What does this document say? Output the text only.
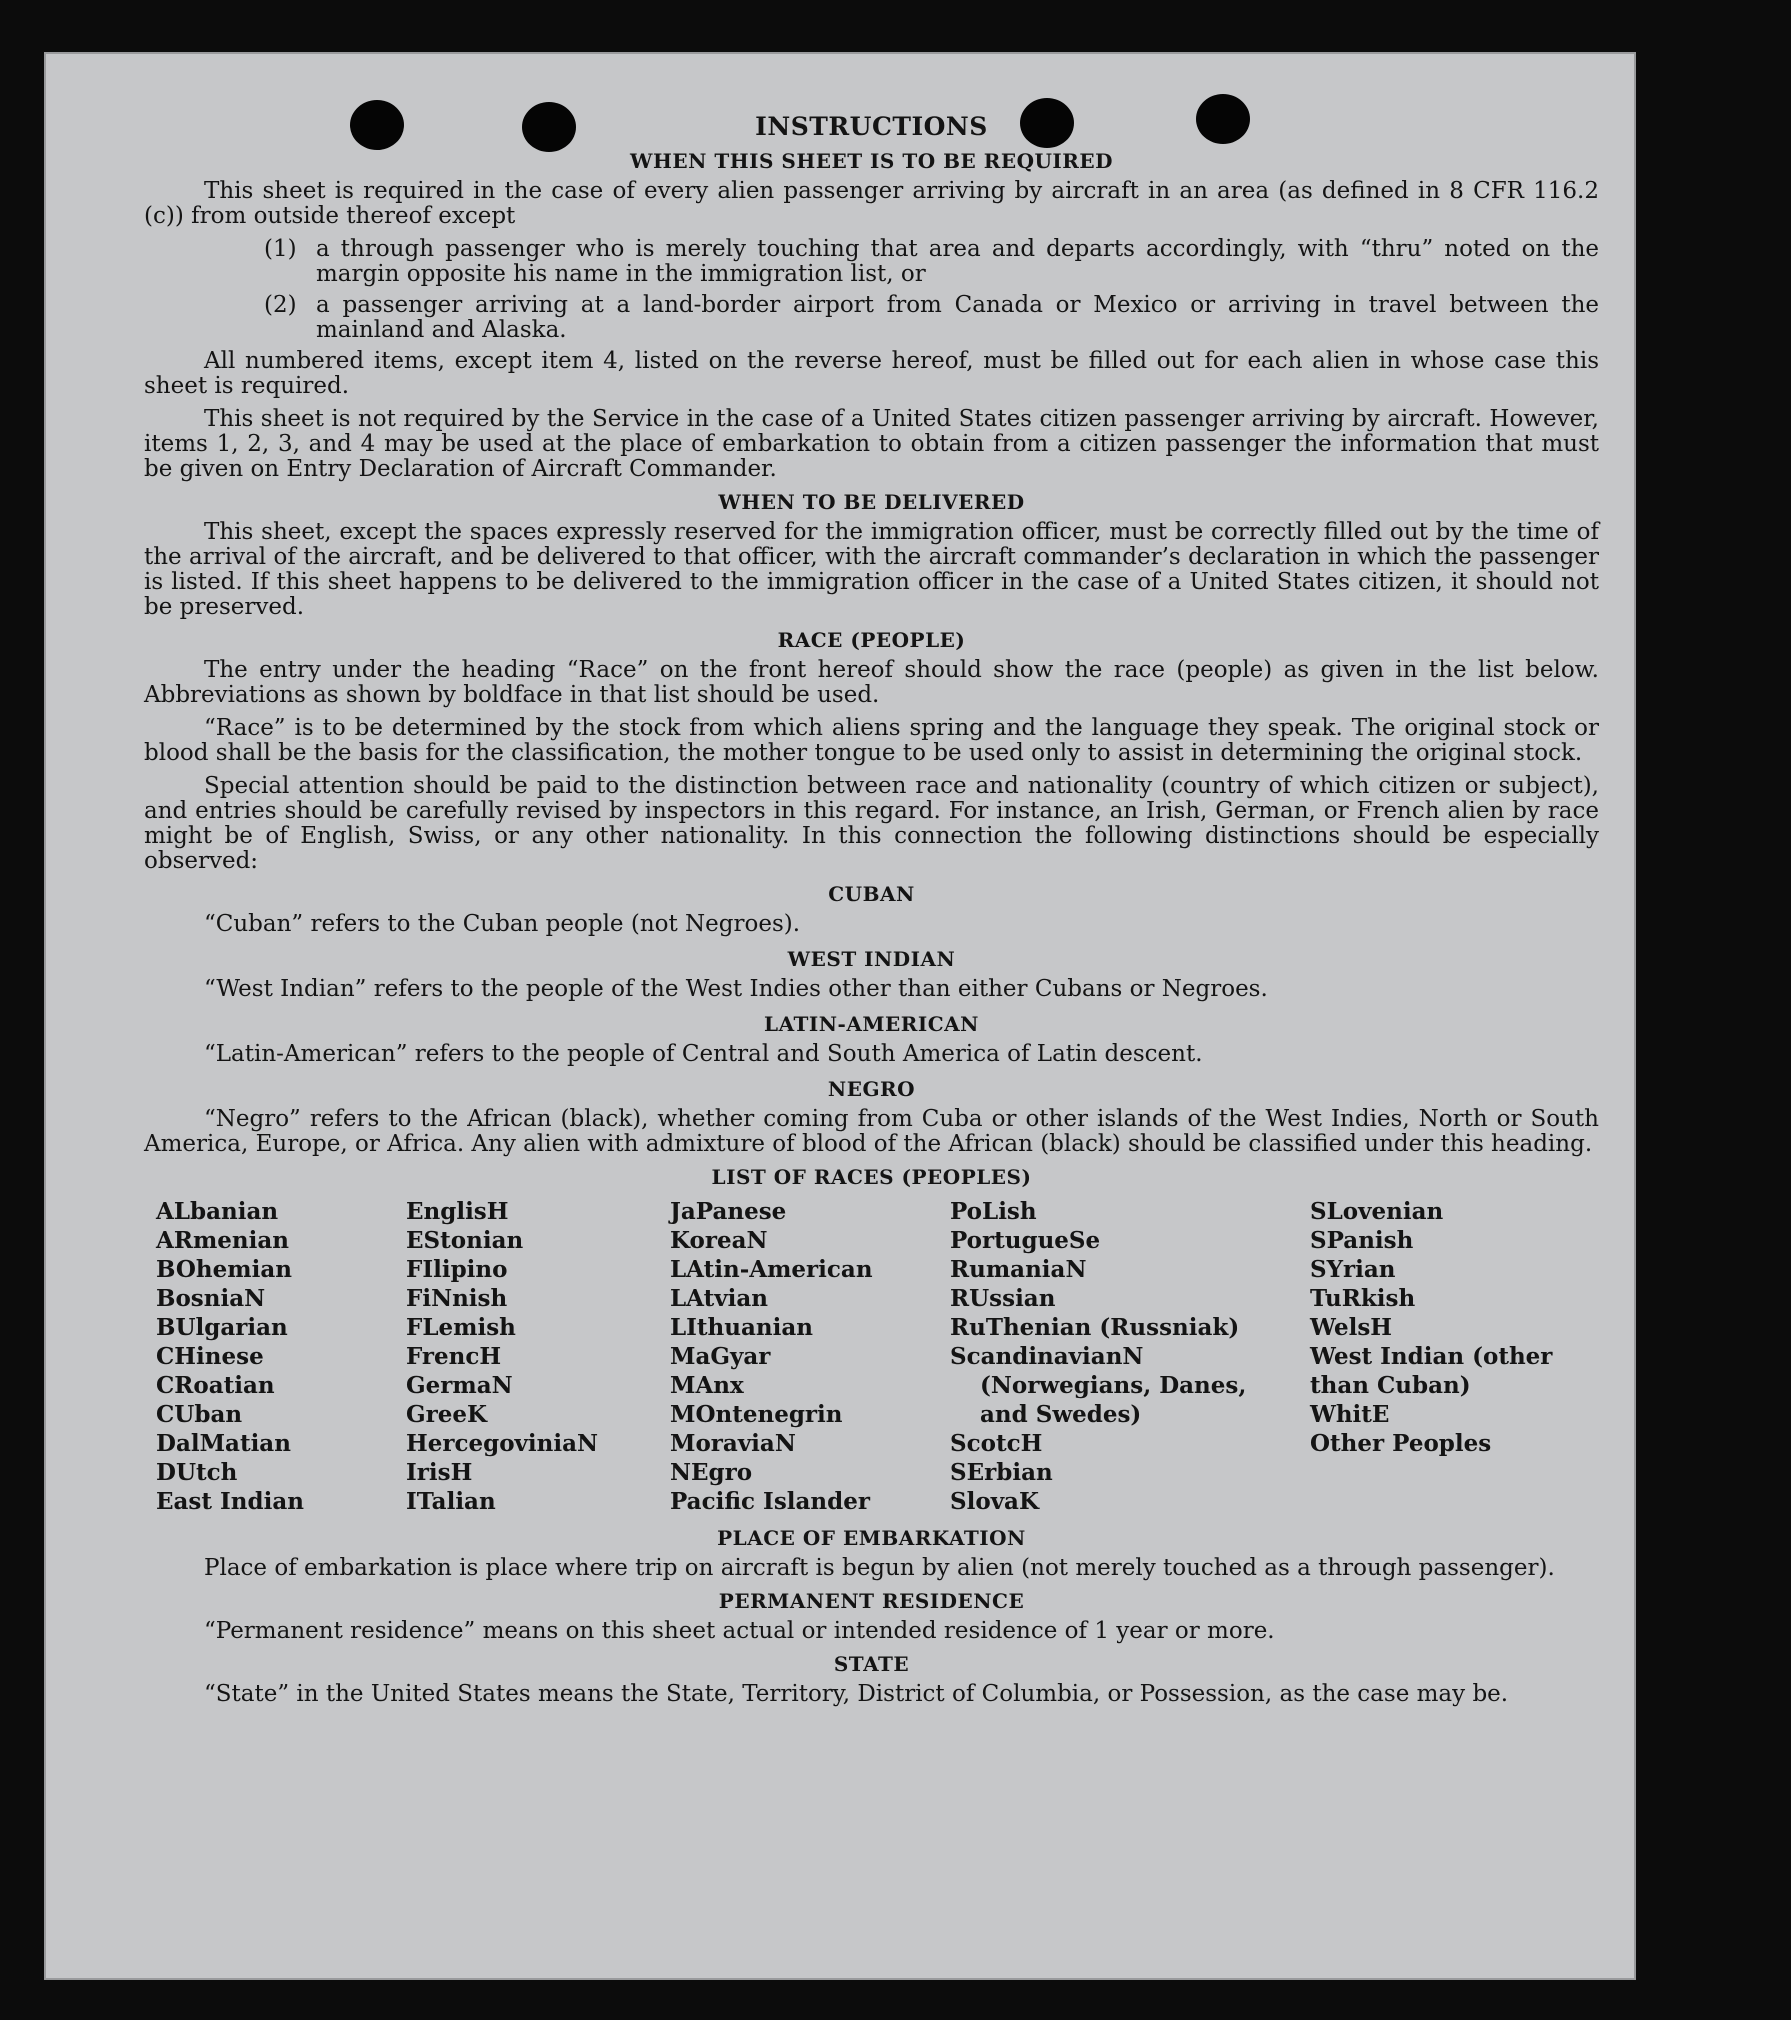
INSTRUCTIONS
WHEN THIS SHEET IS TO BE REQUIRED

This sheet is required in the case of every alien passenger arriving by aircraft in an area (as defined in 8 CFR 116.2 (c)) from outside thereof except

(1) a through passenger who is merely touching that area and departs accordingly, with “thru” noted on the margin opposite his name in the immigration list, or
(2) a passenger arriving at a land-border airport from Canada or Mexico or arriving in travel between the mainland and Alaska.

All numbered items, except item 4, listed on the reverse hereof, must be filled out for each alien in whose case this sheet is required.

This sheet is not required by the Service in the case of a United States citizen passenger arriving by aircraft. However, items 1, 2, 3, and 4 may be used at the place of embarkation to obtain from a citizen passenger the information that must be given on Entry Declaration of Aircraft Commander.

WHEN TO BE DELIVERED

This sheet, except the spaces expressly reserved for the immigration officer, must be correctly filled out by the time of the arrival of the aircraft, and be delivered to that officer, with the aircraft commander’s declaration in which the passenger is listed. If this sheet happens to be delivered to the immigration officer in the case of a United States citizen, it should not be preserved.

RACE (PEOPLE)

The entry under the heading “Race” on the front hereof should show the race (people) as given in the list below. Abbreviations as shown by boldface in that list should be used.

“Race” is to be determined by the stock from which aliens spring and the language they speak. The original stock or blood shall be the basis for the classification, the mother tongue to be used only to assist in determining the original stock.

Special attention should be paid to the distinction between race and nationality (country of which citizen or subject), and entries should be carefully revised by inspectors in this regard. For instance, an Irish, German, or French alien by race might be of English, Swiss, or any other nationality. In this connection the following distinctions should be especially observed:

CUBAN
“Cuban” refers to the Cuban people (not Negroes).
WEST INDIAN
“West Indian” refers to the people of the West Indies other than either Cubans or Negroes.
LATIN-AMERICAN
“Latin-American” refers to the people of Central and South America of Latin descent.
NEGRO

“Negro” refers to the African (black), whether coming from Cuba or other islands of the West Indies, North or South America, Europe, or Africa. Any alien with admixture of blood of the African (black) should be classified under this heading.

LIST OF RACES (PEOPLES)
ALbanian
ARmenian
BOhemian
BosniaN
BUlgarian
CHinese
CRoatian
CUban
DalMatian
DUtch
East Indian
EnglisH
EStonian
FIlipino
FiNnish
FLemish
FrencH
GermaN
GreeK
HercegoviniaN
IrisH
ITalian
JaPanese
KoreaN
LAtin-American
LAtvian
LIthuanian
MaGyar
MAnx
MOntenegrin
MoraviaN
NEgro
Pacific Islander
PoLish
PortugueSe
RumaniaN
RUssian
RuThenian (Russniak)
ScandinavianN (Norwegians, Danes, and Swedes)
ScotcH
SErbian
SlovaK
SLovenian
SPanish
SYrian
TuRkish
WelsH
West Indian (other than Cuban)
WhitE
Other Peoples
PLACE OF EMBARKATION

Place of embarkation is place where trip on aircraft is begun by alien (not merely touched as a through passenger).

PERMANENT RESIDENCE

“Permanent residence” means on this sheet actual or intended residence of 1 year or more.

STATE

“State” in the United States means the State, Territory, District of Columbia, or Possession, as the case may be.
